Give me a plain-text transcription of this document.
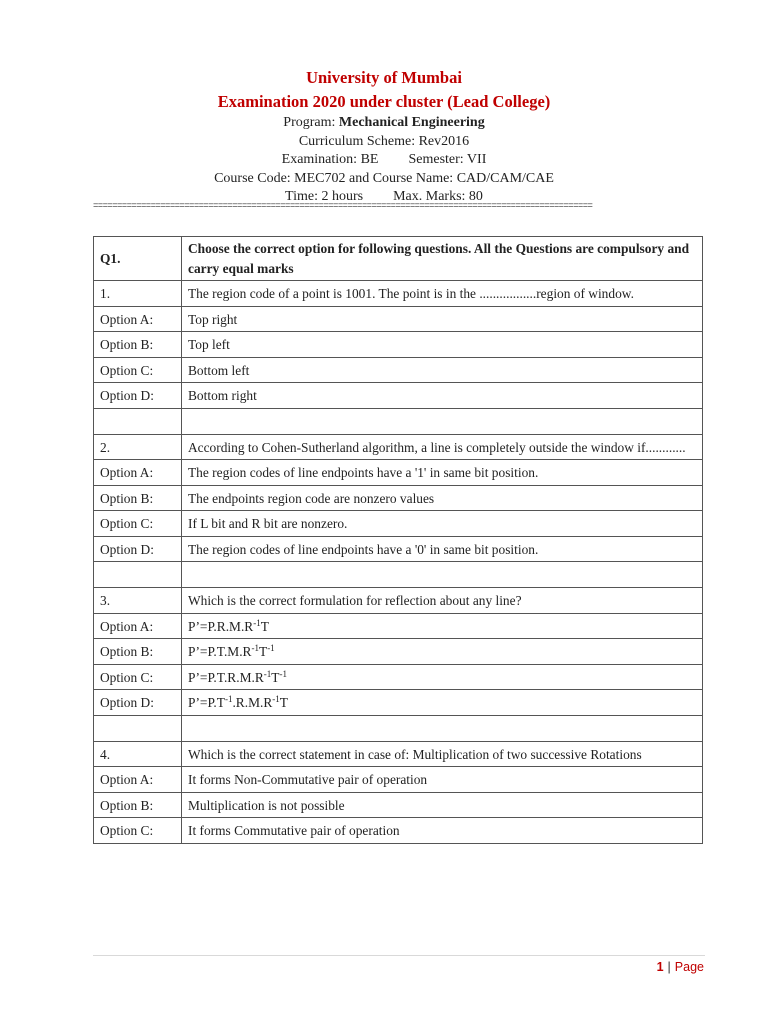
University of Mumbai
Examination 2020 under cluster (Lead College)
Program: Mechanical Engineering
Curriculum Scheme: Rev2016
Examination: BE Semester: VII
Course Code: MEC702 and Course Name: CAD/CAM/CAE
Time: 2 hours Max. Marks: 80
========================================================================================================
Q1.	Choose the correct option for following questions. All the Questions are compulsory and carry equal marks
1.	The region code of a point is 1001. The point is in the .................region of window.
Option A:	Top right
Option B:	Top left
Option C:	Bottom left
Option D:	Bottom right

2.	According to Cohen-Sutherland algorithm, a line is completely outside the window if............
Option A:	The region codes of line endpoints have a '1' in same bit position.
Option B:	The endpoints region code are nonzero values
Option C:	If L bit and R bit are nonzero.
Option D:	The region codes of line endpoints have a '0' in same bit position.

3.	Which is the correct formulation for reflection about any line?
Option A:	$P’=P.R.M.R^{-1}T$
Option B:	$P’=P.T.M.R^{-1}T^{-1}$
Option C:	$P’=P.T.R.M.R^{-1}T^{-1}$
Option D:	$P’=P.T^{-1}.R.M.R^{-1}T$

4.	Which is the correct statement in case of: Multiplication of two successive Rotations
Option A:	It forms Non-Commutative pair of operation
Option B:	Multiplication is not possible
Option C:	It forms Commutative pair of operation
1 | Page
